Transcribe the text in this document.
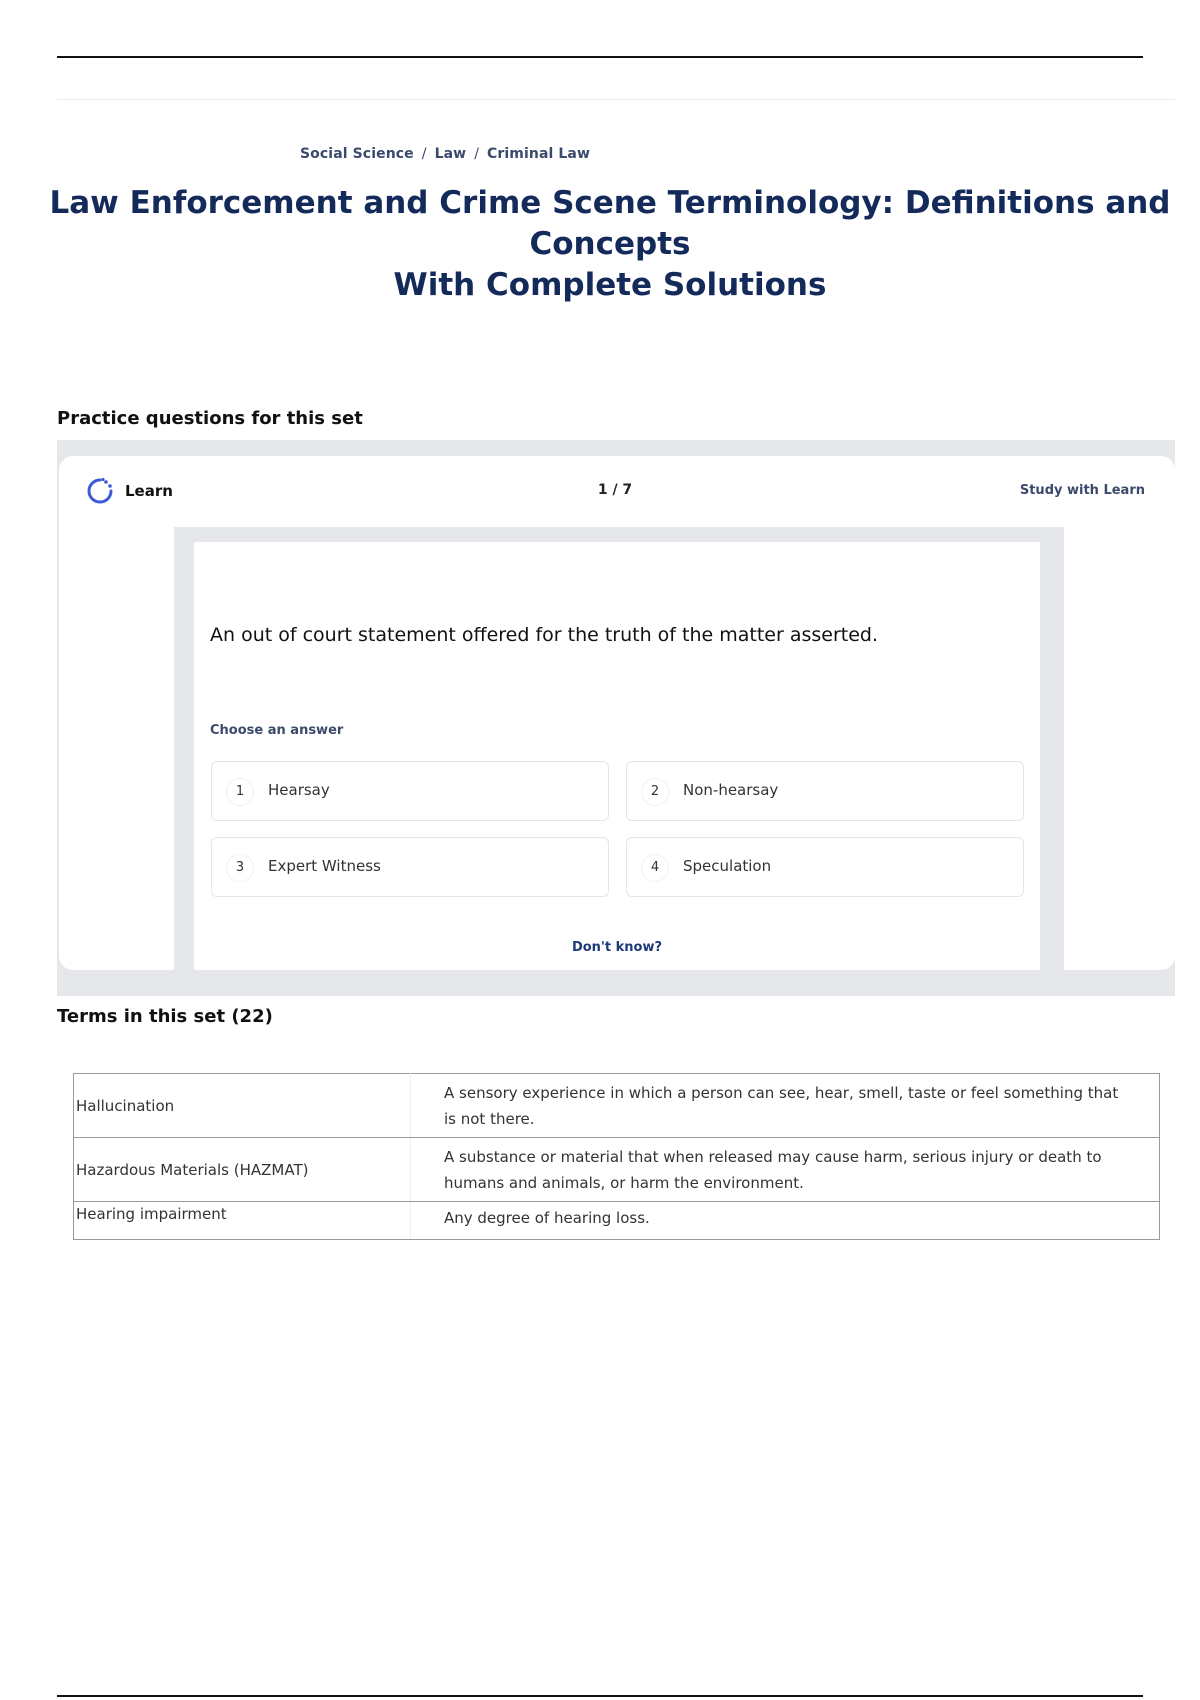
Social Science / Law / Criminal Law
Law Enforcement and Crime Scene Terminology: Definitions and Concepts
With Complete Solutions
Practice questions for this set
Learn	1 / 7	Study with Learn
An out of court statement offered for the truth of the matter asserted.
Choose an answer
1	Hearsay	2	Non-hearsay
3	Expert Witness	4	Speculation
Don't know?
Terms in this set (22)
Hallucination	A sensory experience in which a person can see, hear, smell, taste or feel something that is not there.
Hazardous Materials (HAZMAT)	A substance or material that when released may cause harm, serious injury or death to humans and animals, or harm the environment.
Hearing impairment	Any degree of hearing loss.
